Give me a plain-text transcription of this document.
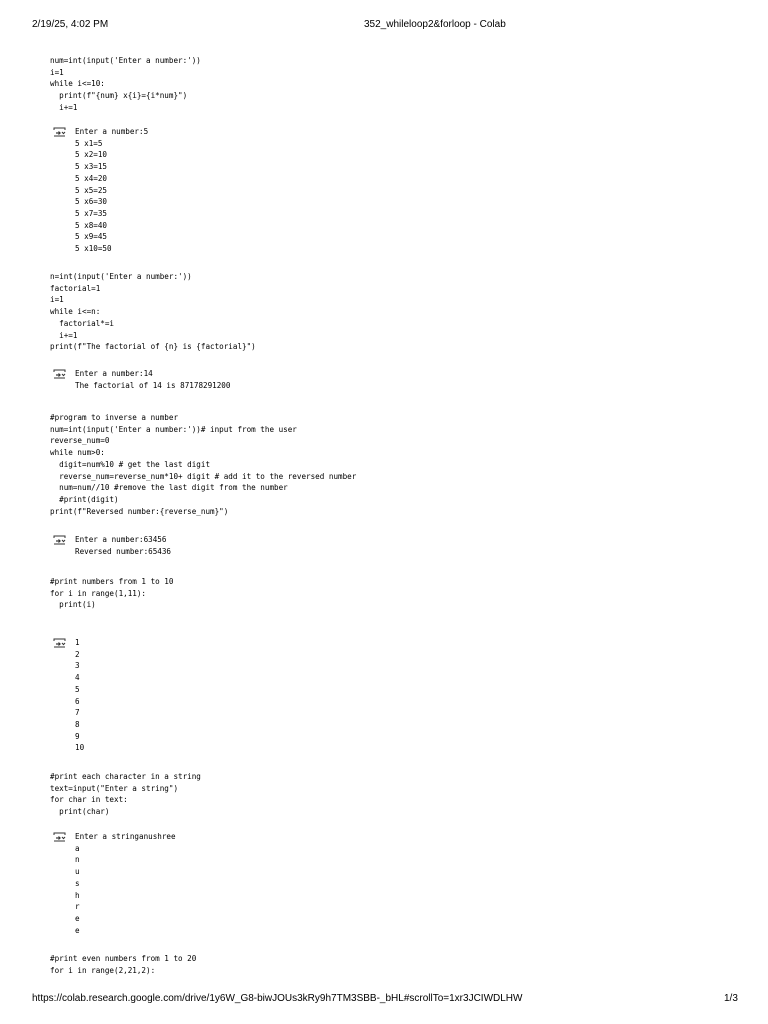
2/19/25, 4:02 PM	352_whileloop2&forloop - Colab
num=int(input('Enter a number:'))
i=1
while i<=10:
print(f"{num} x{i}={i*num}")
i+=1
Enter a number:5
5 x1=5
5 x2=10
5 x3=15
5 x4=20
5 x5=25
5 x6=30
5 x7=35
5 x8=40
5 x9=45
5 x10=50
n=int(input('Enter a number:'))
factorial=1
i=1
while i<=n:
factorial*=i
i+=1
print(f"The factorial of {n} is {factorial}")
Enter a number:14
The factorial of 14 is 87178291200
#program to inverse a number
num=int(input('Enter a number:'))# input from the user
reverse_num=0
while num>0:
digit=num%10 # get the last digit
reverse_num=reverse_num*10+ digit # add it to the reversed number
num=num//10 #remove the last digit from the number
#print(digit)
print(f"Reversed number:{reverse_num}")
Enter a number:63456
Reversed number:65436
#print numbers from 1 to 10
for i in range(1,11):
print(i)
1
2
3
4
5
6
7
8
9
10
#print each character in a string
text=input("Enter a string")
for char in text:
print(char)
Enter a stringanushree
a
n
u
s
h
r
e
e
#print even numbers from 1 to 20
for i in range(2,21,2):
https://colab.research.google.com/drive/1y6W_G8-biwJOUs3kRy9h7TM3SBB-_bHL#scrollTo=1xr3JCIWDLHW	1/3
